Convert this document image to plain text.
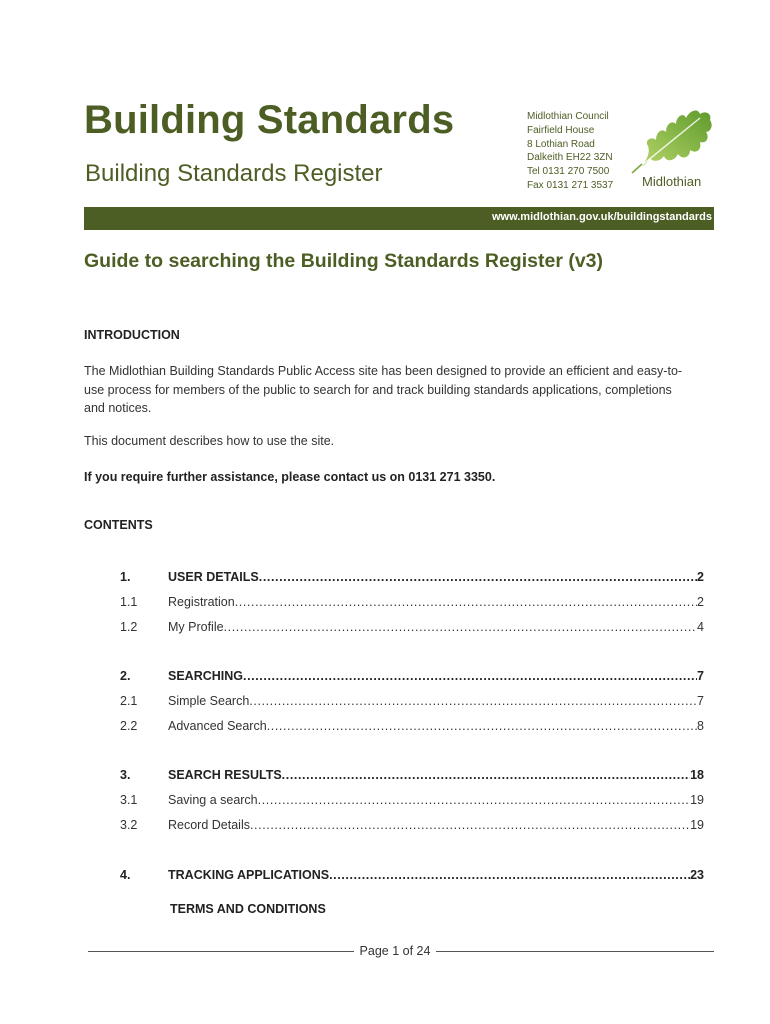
Building Standards
Building Standards Register
Midlothian Council
Fairfield House
8 Lothian Road
Dalkeith EH22 3ZN
Tel 0131 270 7500
Fax 0131 271 3537 Midlothian
www.midlothian.gov.uk/buildingstandards
Guide to searching the Building Standards Register (v3)
INTRODUCTION
The Midlothian Building Standards Public Access site has been designed to provide an efficient and easy-to-use process for members of the public to search for and track building standards applications, completions and notices.
This document describes how to use the site.
If you require further assistance, please contact us on 0131 271 3350.
CONTENTS
1.	USER DETAILS .....	2
1.1 Registration .....	2
1.2 My Profile .....	4
2.	SEARCHING .....	7
2.1 Simple Search .....	7
2.2 Advanced Search .....	8
3.	SEARCH RESULTS .....	18
3.1 Saving a search .....	19
3.2 Record Details .....	19
4.	TRACKING APPLICATIONS .....	23
TERMS AND CONDITIONS
Page 1 of 24
